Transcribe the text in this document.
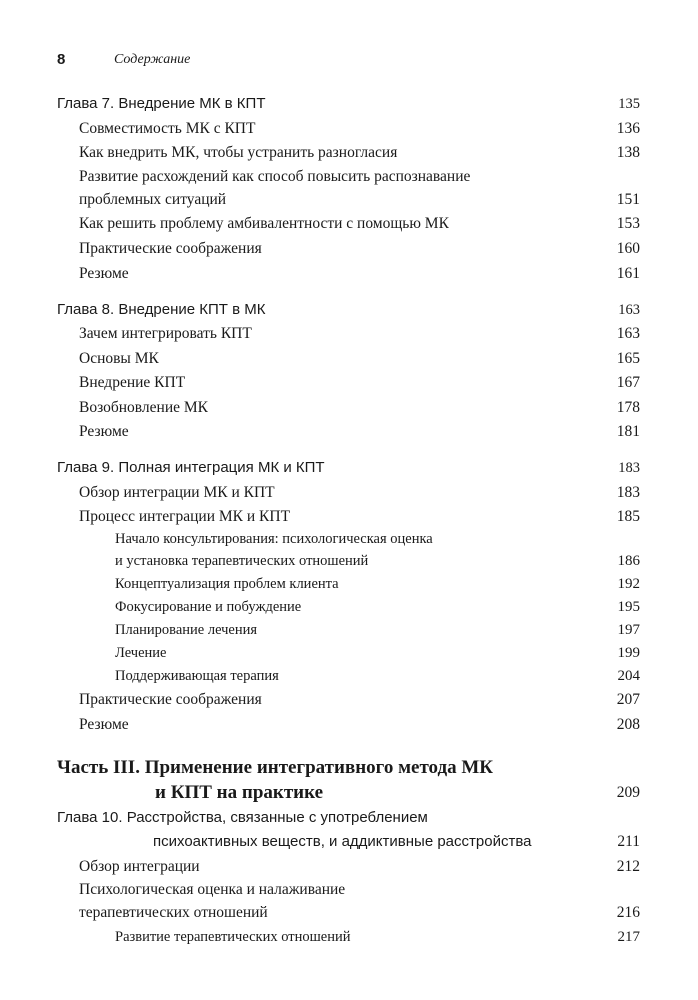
8	Содержание
Глава 7. Внедрение МК в КПТ	135
Совместимость МК с КПТ	136
Как внедрить МК, чтобы устранить разногласия	138
Развитие расхождений как способ повысить распознавание
проблемных ситуаций	151
Как решить проблему амбивалентности с помощью МК	153
Практические соображения	160
Резюме	161
Глава 8. Внедрение КПТ в МК	163
Зачем интегрировать КПТ	163
Основы МК	165
Внедрение КПТ	167
Возобновление МК	178
Резюме	181
Глава 9. Полная интеграция МК и КПТ	183
Обзор интеграции МК и КПТ	183
Процесс интеграции МК и КПТ	185
Начало консультирования: психологическая оценка
и установка терапевтических отношений	186
Концептуализация проблем клиента	192
Фокусирование и побуждение	195
Планирование лечения	197
Лечение	199
Поддерживающая терапия	204
Практические соображения	207
Резюме	208
Часть III. Применение интегративного метода МК
и КПТ на практике	209
Глава 10. Расстройства, связанные с употреблением
психоактивных веществ, и аддиктивные расстройства	211
Обзор интеграции	212
Психологическая оценка и налаживание
терапевтических отношений	216
Развитие терапевтических отношений	217
